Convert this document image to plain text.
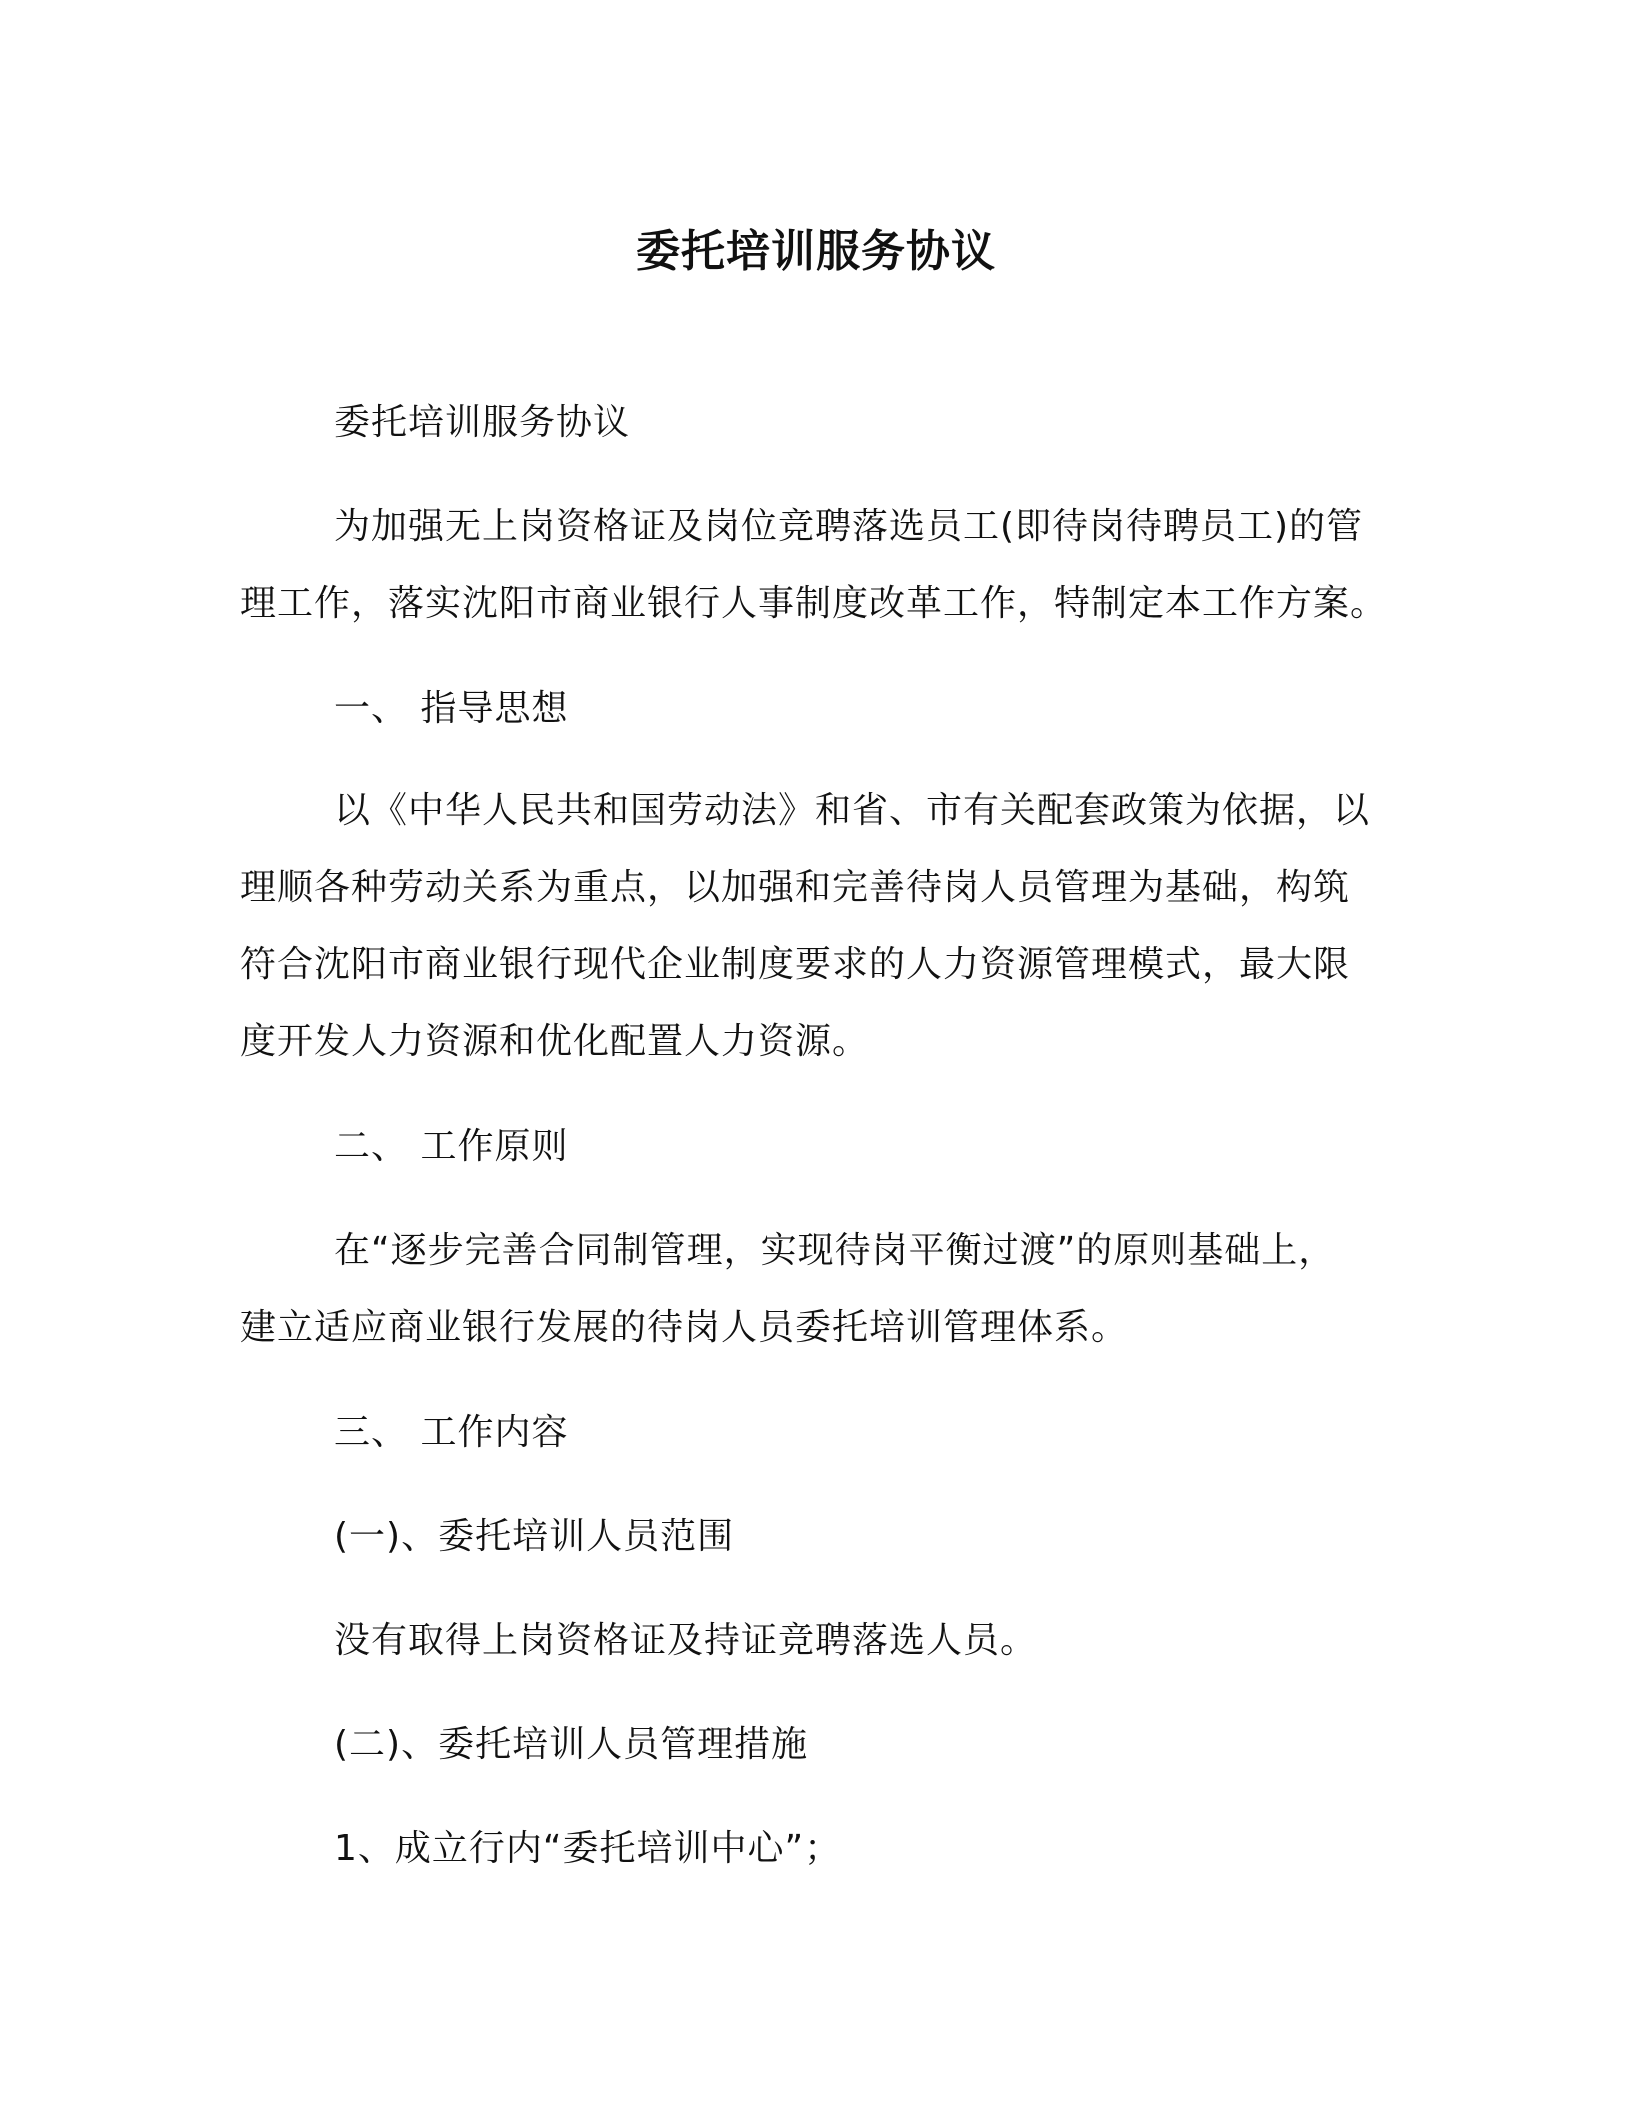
委托培训服务协议
委托培训服务协议
为加强无上岗资格证及岗位竞聘落选员工(即待岗待聘员工)的管
理工作，落实沈阳市商业银行人事制度改革工作，特制定本工作方案。
一、 指导思想
以《中华人民共和国劳动法》和省、市有关配套政策为依据，以
理顺各种劳动关系为重点，以加强和完善待岗人员管理为基础，构筑
符合沈阳市商业银行现代企业制度要求的人力资源管理模式，最大限
度开发人力资源和优化配置人力资源。
二、 工作原则
在“逐步完善合同制管理，实现待岗平衡过渡”的原则基础上，
建立适应商业银行发展的待岗人员委托培训管理体系。
三、 工作内容
(一)、委托培训人员范围
没有取得上岗资格证及持证竞聘落选人员。
(二)、委托培训人员管理措施
1、成立行内“委托培训中心”；
